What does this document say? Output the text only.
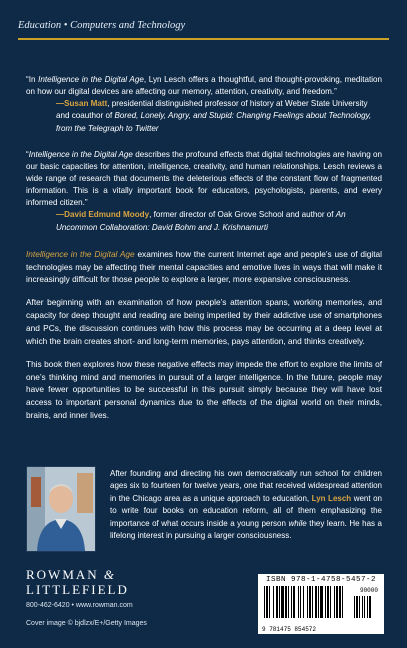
Education • Computers and Technology

“In Intelligence in the Digital Age, Lyn Lesch offers a thoughtful, and thought-provoking, meditation on how our digital devices are affecting our memory, attention, creativity, and freedom.”

—Susan Matt, presidential distinguished professor of history at Weber State University and coauthor of Bored, Lonely, Angry, and Stupid: Changing Feelings about Technology, from the Telegraph to Twitter

“Intelligence in the Digital Age describes the profound effects that digital technologies are having on our basic capacities for attention, intelligence, creativity, and human relationships. Lesch reviews a wide range of research that documents the deleterious effects of the constant flow of fragmented information. This is a vitally important book for educators, psychologists, parents, and every informed citizen.”

—David Edmund Moody, former director of Oak Grove School and author of An Uncommon Collaboration: David Bohm and J. Krishnamurti

Intelligence in the Digital Age examines how the current Internet age and people’s use of digital technologies may be affecting their mental capacities and emotive lives in ways that will make it increasingly difficult for those people to explore a larger, more expansive consciousness.

After beginning with an examination of how people’s attention spans, working memories, and capacity for deep thought and reading are being imperiled by their addictive use of smartphones and PCs, the discussion continues with how this process may be occurring at a deep level at which the brain creates short- and long-term memories, pays attention, and thinks creatively.

This book then explores how these negative effects may impede the effort to explore the limits of one’s thinking mind and memories in pursuit of a larger intelligence. In the future, people may have fewer opportunities to be successful in this pursuit simply because they will have lost access to important personal dynamics due to the effects of the digital world on their minds, brains, and inner lives.

After founding and directing his own democratically run school for children ages six to fourteen for twelve years, one that received widespread attention in the Chicago area as a unique approach to education, Lyn Lesch went on to write four books on education reform, all of them emphasizing the importance of what occurs inside a young person while they learn. He has a lifelong interest in pursuing a larger consciousness.

ROWMAN &
LITTLEFIELD
800-462-6420 • www.rowman.com
Cover image © bjdlzx/E+/Getty Images
ISBN 978-1-4758-5457-2
9 781475 854572
90000
